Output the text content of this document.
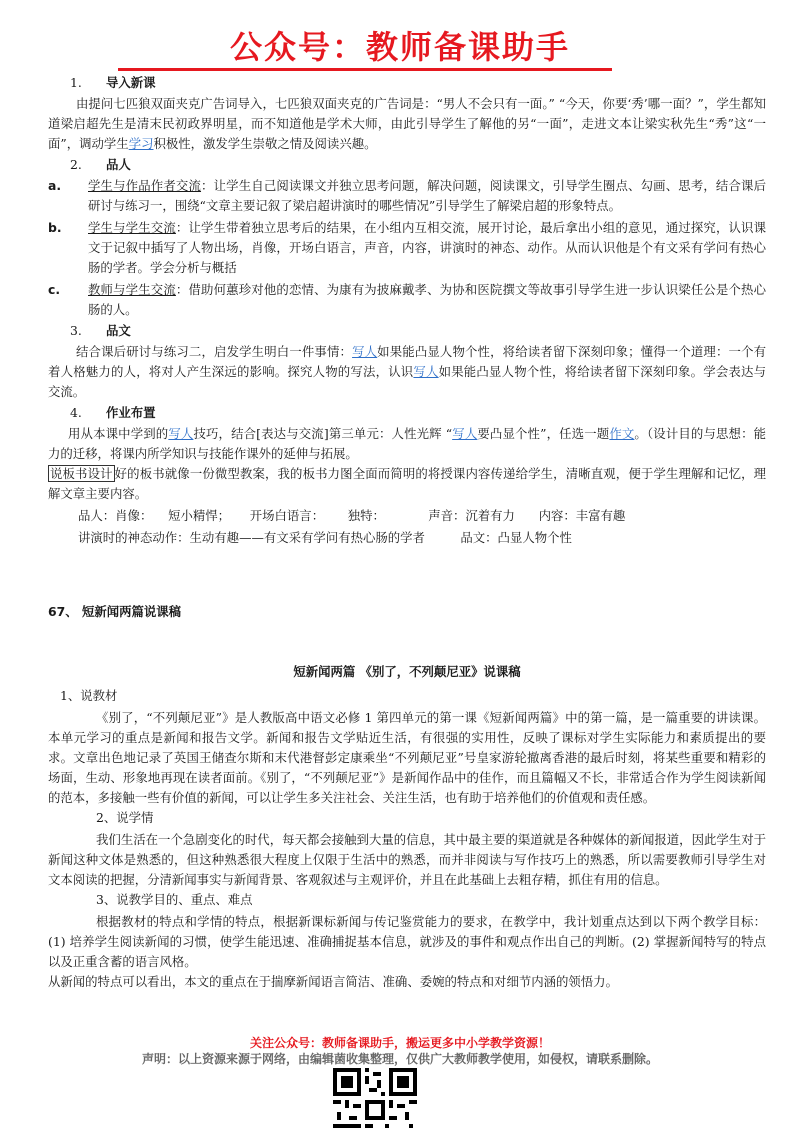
公众号：教师备课助手
1.	导入新课

由提问七匹狼双面夹克广告词导入，七匹狼双面夹克的广告词是：“男人不会只有一面。” “今天，你要‘秀’哪一面？”，学生都知道梁启超先生是清末民初政界明星，而不知道他是学术大师，由此引导学生了解他的另“一面”，走进文本让梁实秋先生“秀”这“一面”，调动学生学习积极性，激发学生崇敬之情及阅读兴趣。

2.	品人
a.	学生与作品作者交流：让学生自己阅读课文并独立思考问题，解决问题，阅读课文，引导学生圈点、勾画、思考，结合课后研讨与练习一，围绕“文章主要记叙了梁启超讲演时的哪些情况”引导学生了解梁启超的形象特点。
b.	学生与学生交流：让学生带着独立思考后的结果，在小组内互相交流，展开讨论，最后拿出小组的意见，通过探究，认识课文于记叙中插写了人物出场，肖像，开场白语言，声音，内容，讲演时的神态、动作。从而认识他是个有文采有学问有热心肠的学者。学会分析与概括
c.	教师与学生交流：借助何蕙珍对他的恋情、为康有为披麻戴孝、为协和医院撰文等故事引导学生进一步认识梁任公是个热心肠的人。
3.	品文

结合课后研讨与练习二，启发学生明白一件事情：写人如果能凸显人物个性，将给读者留下深刻印象；懂得一个道理：一个有着人格魅力的人，将对人产生深远的影响。探究人物的写法，认识写人如果能凸显人物个性，将给读者留下深刻印象。学会表达与交流。

4.	作业布置

用从本课中学到的写人技巧，结合[表达与交流]第三单元：人性光辉 “写人要凸显个性”，任选一题作文。（设计目的与思想：能力的迁移，将课内所学知识与技能作课外的延伸与拓展。

说板书设计 好的板书就像一份微型教案，我的板书力图全面而简明的将授课内容传递给学生，清晰直观，便于学生理解和记忆，理解文章主要内容。

品人：肖像：    短小精悍；     开场白语言：      独特：           声音：沉着有力      内容：丰富有趣

讲演时的神态动作：生动有趣——有文采有学问有热心肠的学者         品文：凸显人物个性

67、 短新闻两篇说课稿
短新闻两篇 《别了，不列颠尼亚》说课稿
1、说教材

《别了，“不列颠尼亚”》是人教版高中语文必修 1 第四单元的第一课《短新闻两篇》中的第一篇，是一篇重要的讲读课。本单元学习的重点是新闻和报告文学。新闻和报告文学贴近生活，有很强的实用性，反映了课标对学生实际能力和素质提出的要求。文章出色地记录了英国王储查尔斯和末代港督彭定康乘坐“不列颠尼亚”号皇家游轮撤离香港的最后时刻，将某些重要和精彩的场面，生动、形象地再现在读者面前。《别了，“不列颠尼亚”》是新闻作品中的佳作，而且篇幅又不长，非常适合作为学生阅读新闻的范本，多接触一些有价值的新闻，可以让学生多关注社会、关注生活，也有助于培养他们的价值观和责任感。

2、说学情

我们生活在一个急剧变化的时代，每天都会接触到大量的信息，其中最主要的渠道就是各种媒体的新闻报道，因此学生对于新闻这种文体是熟悉的，但这种熟悉很大程度上仅限于生活中的熟悉，而并非阅读与写作技巧上的熟悉，所以需要教师引导学生对文本阅读的把握，分清新闻事实与新闻背景、客观叙述与主观评价，并且在此基础上去粗存精，抓住有用的信息。

3、说教学目的、重点、难点

根据教材的特点和学情的特点，根据新课标新闻与传记鉴赏能力的要求，在教学中，我计划重点达到以下两个教学目标：(1) 培养学生阅读新闻的习惯，使学生能迅速、准确捕捉基本信息，就涉及的事件和观点作出自己的判断。(2) 掌握新闻特写的特点以及正重含蓄的语言风格。

从新闻的特点可以看出，本文的重点在于揣摩新闻语言简洁、准确、委婉的特点和对细节内涵的领悟力。

关注公众号：教师备课助手，搬运更多中小学教学资源！
声明：以上资源来源于网络，由编辑菌收集整理，仅供广大教师教学使用，如侵权，请联系删除。
